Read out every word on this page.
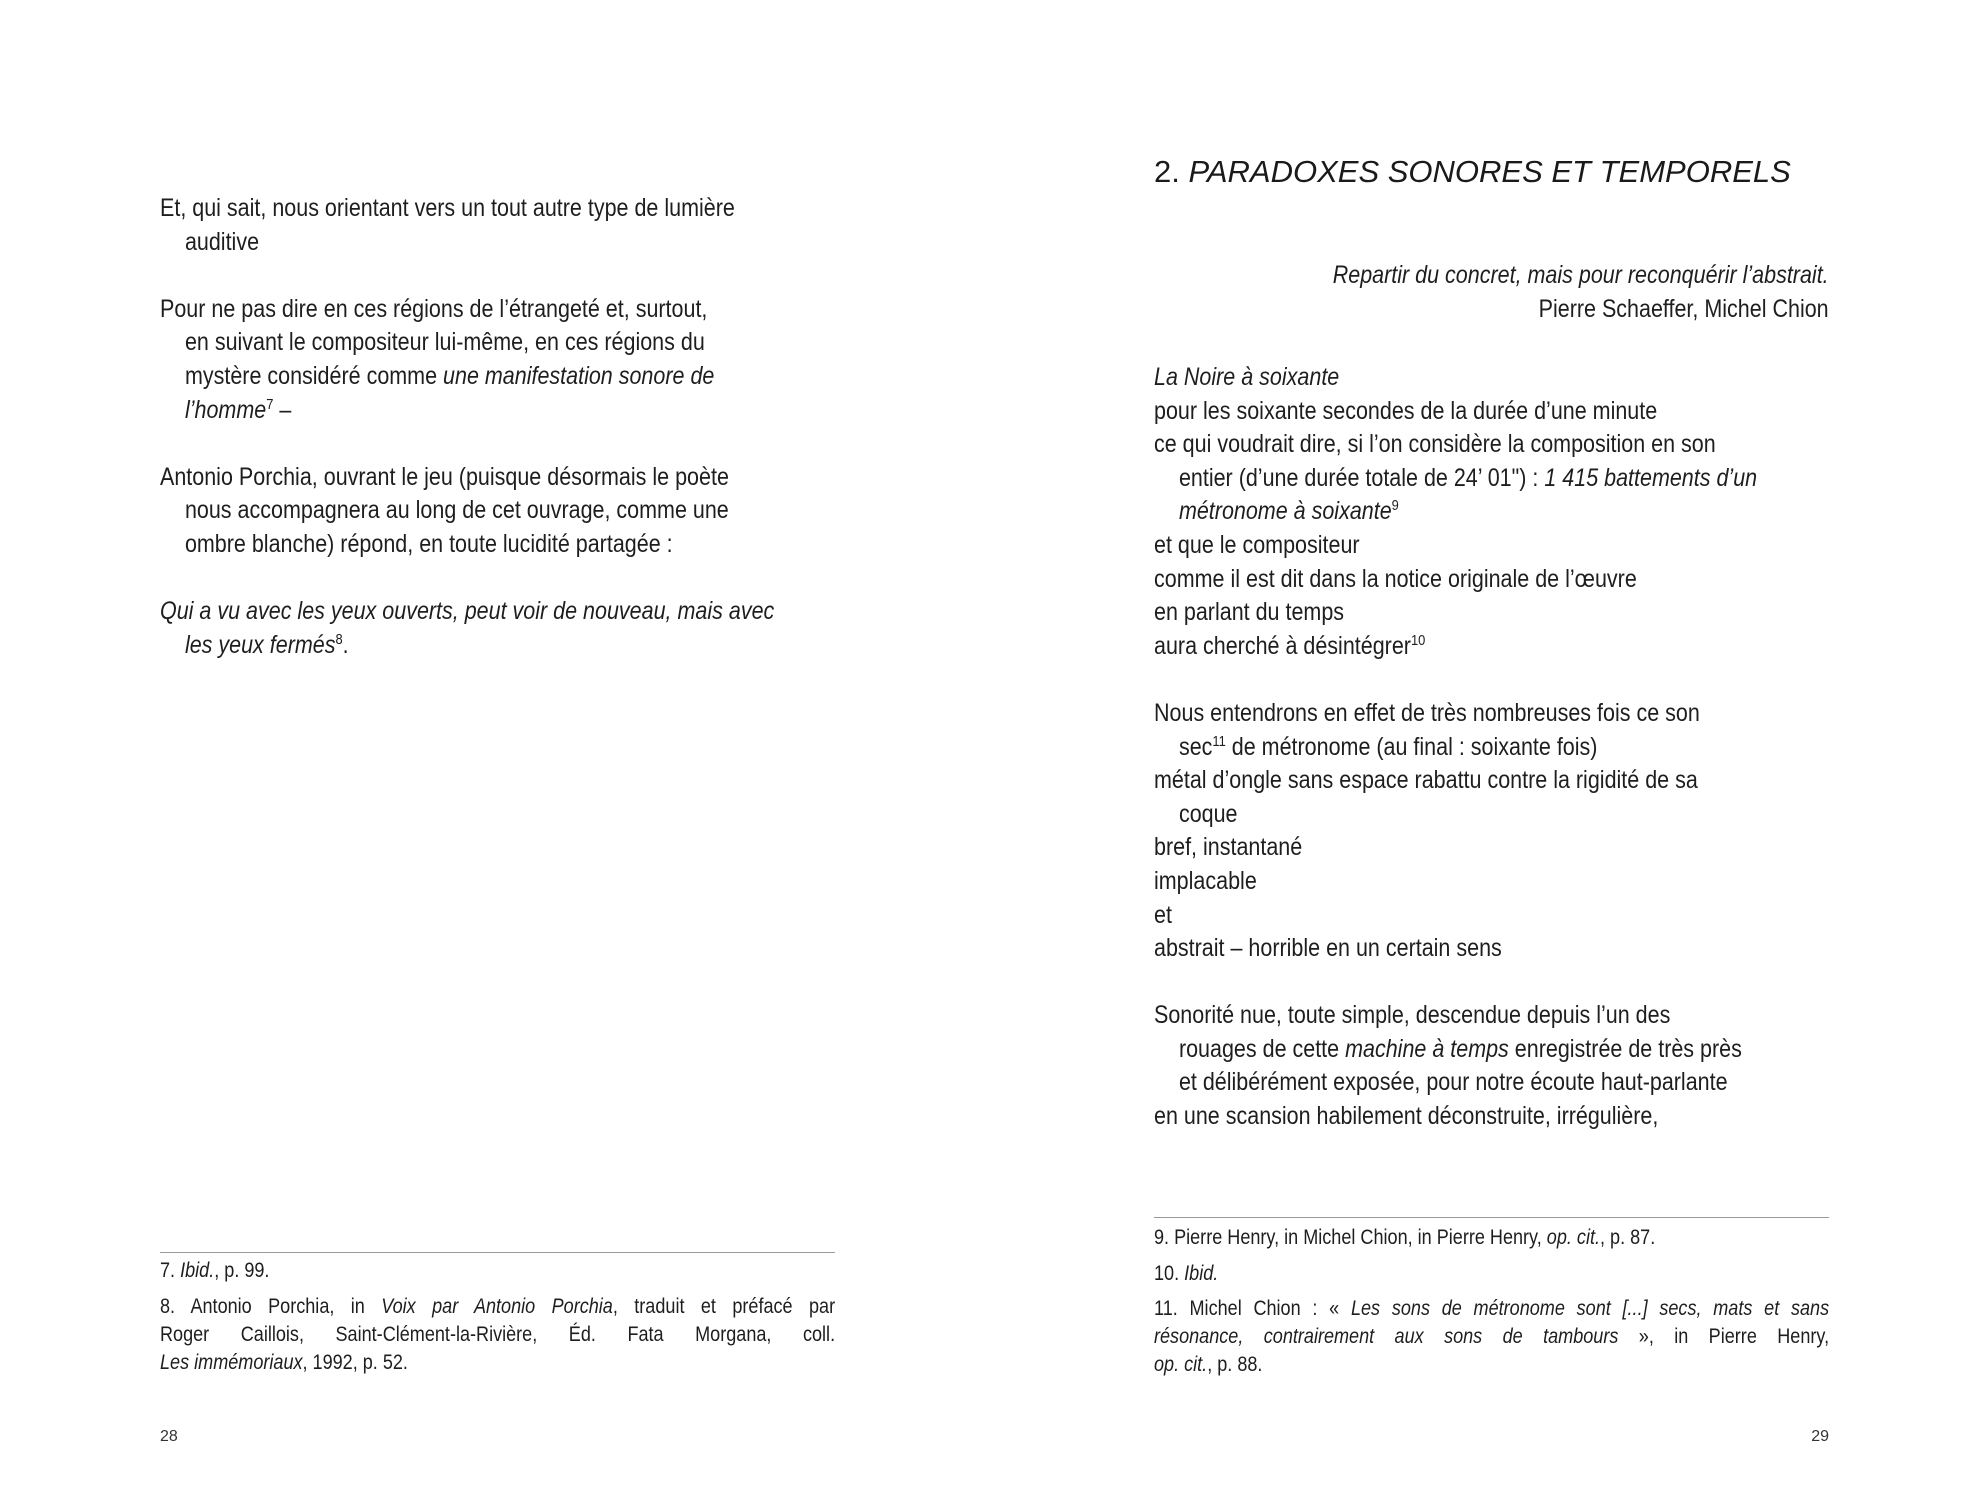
Et, qui sait, nous orientant vers un tout autre type de lumière
auditive
Pour ne pas dire en ces régions de l’étrangeté et, surtout,
en suivant le compositeur lui-même, en ces régions du
mystère considéré comme une manifestation sonore de
l’homme$^7$ –
Antonio Porchia, ouvrant le jeu (puisque désormais le poète
nous accompagnera au long de cet ouvrage, comme une
ombre blanche) répond, en toute lucidité partagée :
Qui a vu avec les yeux ouverts, peut voir de nouveau, mais avec
les yeux fermés$^8$.
7. Ibid., p. 99.
8. Antonio Porchia, in Voix par Antonio Porchia, traduit et préfacé par
Roger Caillois, Saint-Clément-la-Rivière, Éd. Fata Morgana, coll.
Les immémoriaux, 1992, p. 52.
28
2. PARADOXES SONORES ET TEMPORELS
Repartir du concret, mais pour reconquérir l’abstrait.
Pierre Schaeffer, Michel Chion
La Noire à soixante
pour les soixante secondes de la durée d’une minute
ce qui voudrait dire, si l’on considère la composition en son
entier (d’une durée totale de 24’ 01") : 1 415 battements d’un
métronome à soixante$^9$
et que le compositeur
comme il est dit dans la notice originale de l’œuvre
en parlant du temps
aura cherché à désintégrer$^{10}$
Nous entendrons en effet de très nombreuses fois ce son
$\sec^{11}$ de métronome (au final : soixante fois)
métal d’ongle sans espace rabattu contre la rigidité de sa
coque
bref, instantané
implacable
et
abstrait – horrible en un certain sens
Sonorité nue, toute simple, descendue depuis l’un des
rouages de cette machine à temps enregistrée de très près
et délibérément exposée, pour notre écoute haut-parlante
en une scansion habilement déconstruite, irrégulière,
9. Pierre Henry, in Michel Chion, in Pierre Henry, op. cit., p. 87.
10. Ibid.
11. Michel Chion : « Les sons de métronome sont [...] secs, mats et sans
résonance, contrairement aux sons de tambours », in Pierre Henry,
op. cit., p. 88.
29
